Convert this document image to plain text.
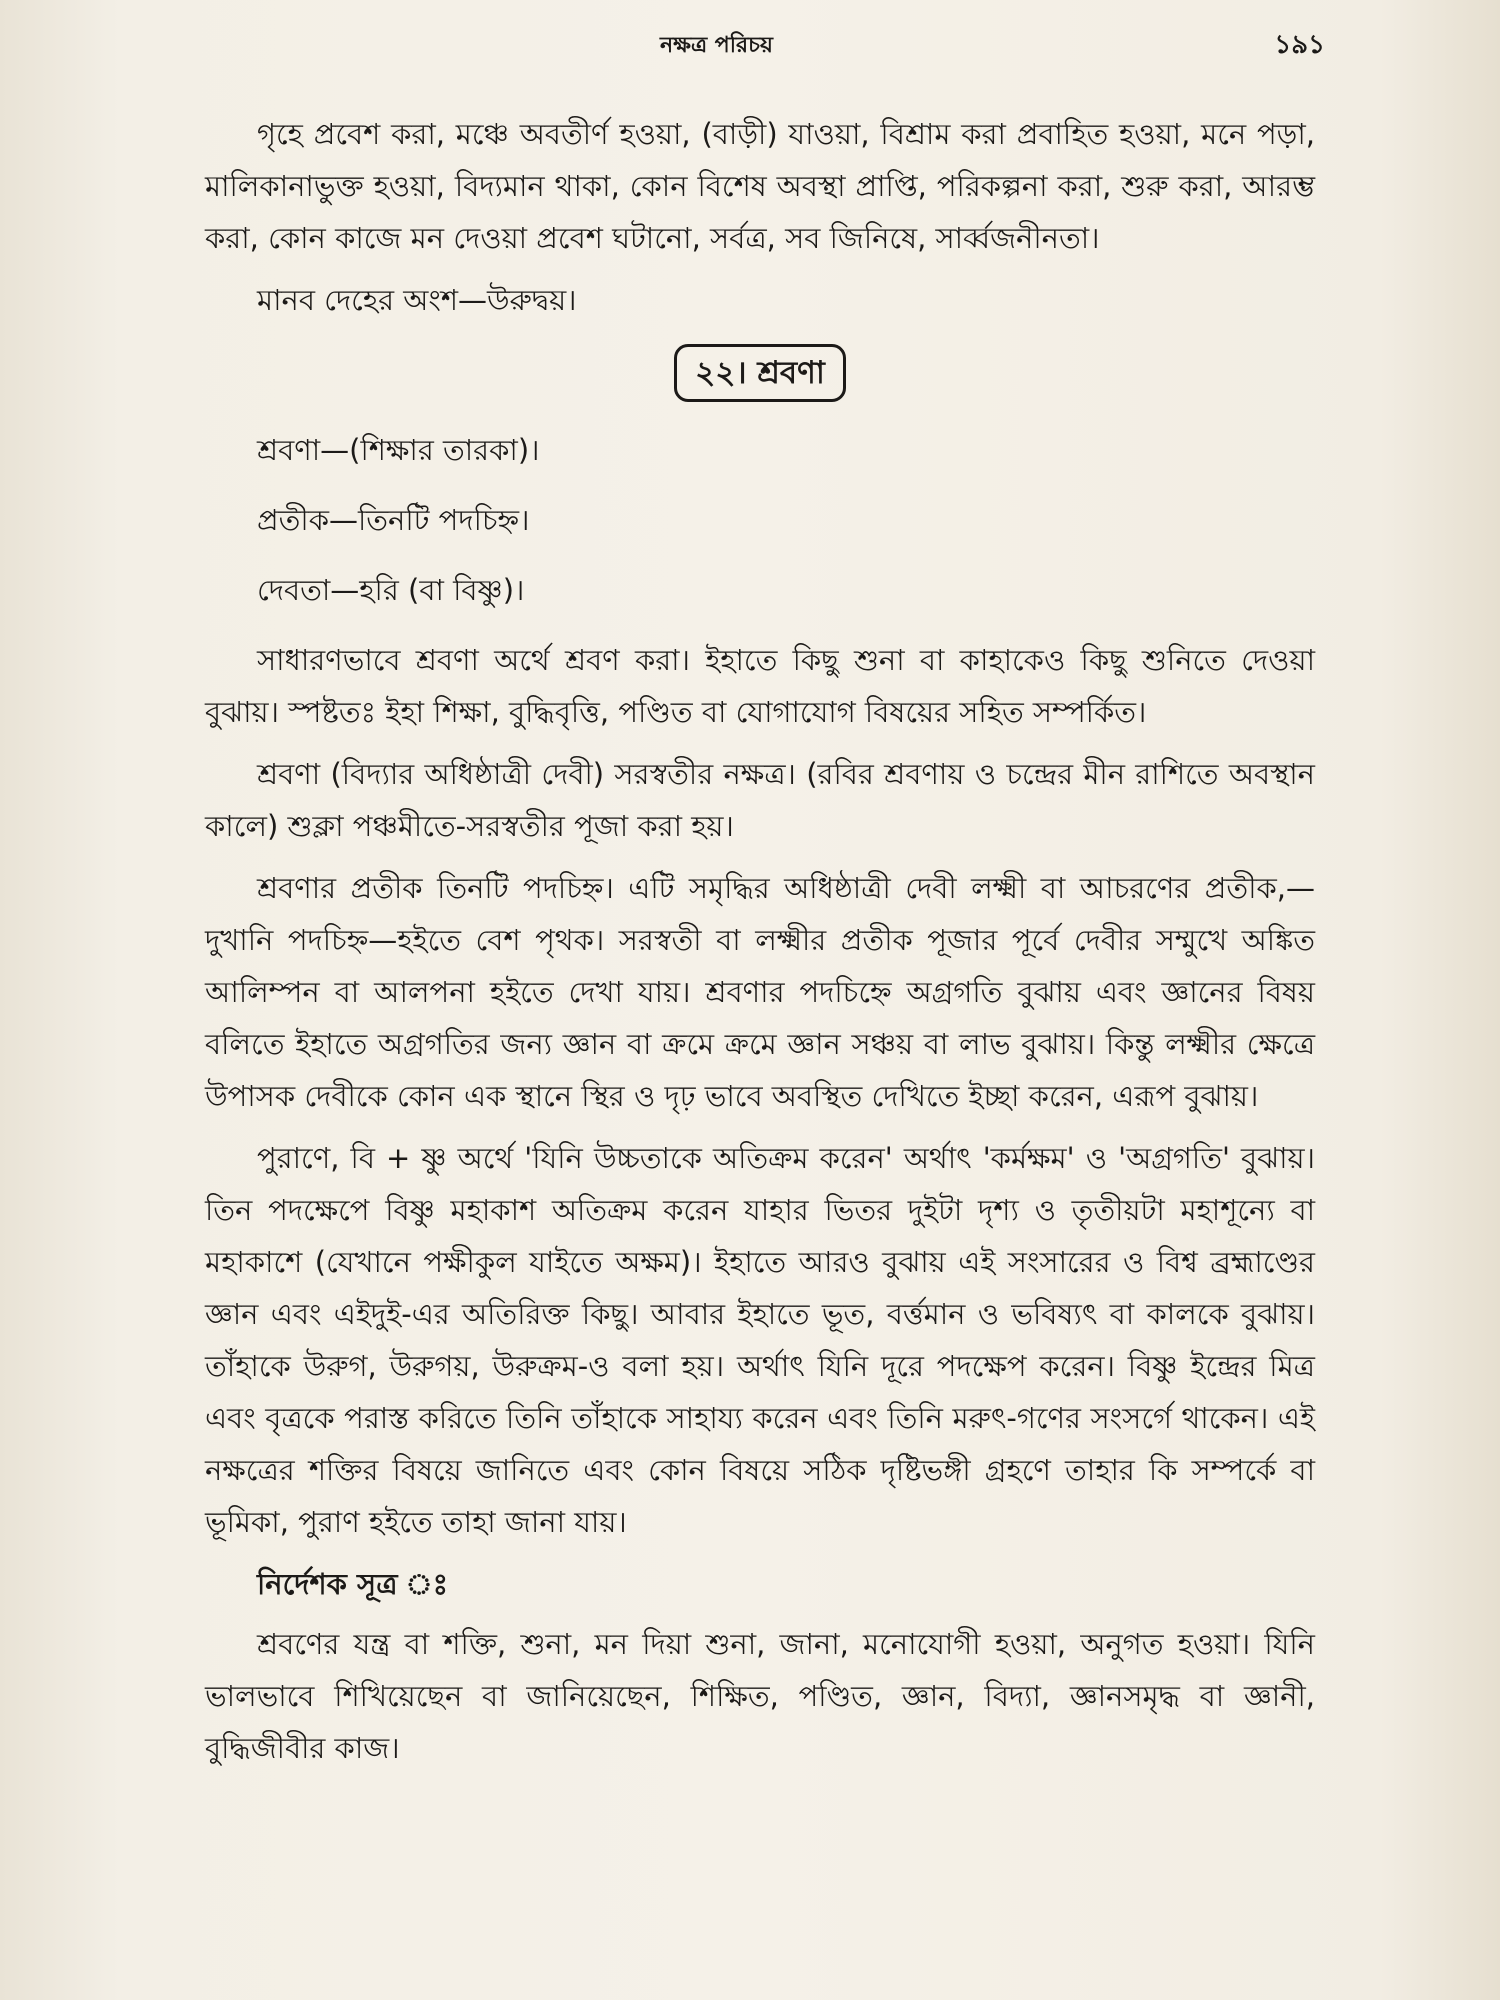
নক্ষত্র পরিচয়	১৯১

গৃহে প্রবেশ করা, মঞ্চে অবতীর্ণ হওয়া, (বাড়ী) যাওয়া, বিশ্রাম করা প্রবাহিত হওয়া, মনে পড়া, মালিকানাভুক্ত হওয়া, বিদ্যমান থাকা, কোন বিশেষ অবস্থা প্রাপ্তি, পরিকল্পনা করা, শুরু করা, আরম্ভ করা, কোন কাজে মন দেওয়া প্রবেশ ঘটানো, সর্বত্র, সব জিনিষে, সার্ব্বজনীনতা।

মানব দেহের অংশ—উরুদ্বয়।

২২। শ্রবণা

শ্রবণা—(শিক্ষার তারকা)।

প্রতীক—তিনটি পদচিহ্ন।

দেবতা—হরি (বা বিষ্ণু)।

সাধারণভাবে শ্রবণা অর্থে শ্রবণ করা। ইহাতে কিছু শুনা বা কাহাকেও কিছু শুনিতে দেওয়া বুঝায়। স্পষ্টতঃ ইহা শিক্ষা, বুদ্ধিবৃত্তি, পণ্ডিত বা যোগাযোগ বিষয়ের সহিত সম্পর্কিত।

শ্রবণা (বিদ্যার অধিষ্ঠাত্রী দেবী) সরস্বতীর নক্ষত্র। (রবির শ্রবণায় ও চন্দ্রের মীন রাশিতে অবস্থান কালে) শুক্লা পঞ্চমীতে-সরস্বতীর পূজা করা হয়।

শ্রবণার প্রতীক তিনটি পদচিহ্ন। এটি সমৃদ্ধির অধিষ্ঠাত্রী দেবী লক্ষ্মী বা আচরণের প্রতীক,—দুখানি পদচিহ্ন—হইতে বেশ পৃথক। সরস্বতী বা লক্ষ্মীর প্রতীক পূজার পূর্বে দেবীর সম্মুখে অঙ্কিত আলিম্পন বা আলপনা হইতে দেখা যায়। শ্রবণার পদচিহ্নে অগ্রগতি বুঝায় এবং জ্ঞানের বিষয় বলিতে ইহাতে অগ্রগতির জন্য জ্ঞান বা ক্রমে ক্রমে জ্ঞান সঞ্চয় বা লাভ বুঝায়। কিন্তু লক্ষ্মীর ক্ষেত্রে উপাসক দেবীকে কোন এক স্থানে স্থির ও দৃঢ় ভাবে অবস্থিত দেখিতে ইচ্ছা করেন, এরূপ বুঝায়।

পুরাণে, বি + ষ্ণু অর্থে 'যিনি উচ্চতাকে অতিক্রম করেন' অর্থাৎ 'কর্মক্ষম' ও 'অগ্রগতি' বুঝায়। তিন পদক্ষেপে বিষ্ণু মহাকাশ অতিক্রম করেন যাহার ভিতর দুইটা দৃশ্য ও তৃতীয়টা মহাশূন্যে বা মহাকাশে (যেখানে পক্ষীকুল যাইতে অক্ষম)। ইহাতে আরও বুঝায় এই সংসারের ও বিশ্ব ব্রহ্মাণ্ডের জ্ঞান এবং এইদুই-এর অতিরিক্ত কিছু। আবার ইহাতে ভূত, বর্ত্তমান ও ভবিষ্যৎ বা কালকে বুঝায়। তাঁহাকে উরুগ, উরুগয়, উরুক্রম-ও বলা হয়। অর্থাৎ যিনি দূরে পদক্ষেপ করেন। বিষ্ণু ইন্দ্রের মিত্র এবং বৃত্রকে পরাস্ত করিতে তিনি তাঁহাকে সাহায্য করেন এবং তিনি মরুৎ-গণের সংসর্গে থাকেন। এই নক্ষত্রের শক্তির বিষয়ে জানিতে এবং কোন বিষয়ে সঠিক দৃষ্টিভঙ্গী গ্রহণে তাহার কি সম্পর্কে বা ভূমিকা, পুরাণ হইতে তাহা জানা যায়।

নির্দেশক সূত্র ঃ

শ্রবণের যন্ত্র বা শক্তি, শুনা, মন দিয়া শুনা, জানা, মনোযোগী হওয়া, অনুগত হওয়া। যিনি ভালভাবে শিখিয়েছেন বা জানিয়েছেন, শিক্ষিত, পণ্ডিত, জ্ঞান, বিদ্যা, জ্ঞানসমৃদ্ধ বা জ্ঞানী, বুদ্ধিজীবীর কাজ।
